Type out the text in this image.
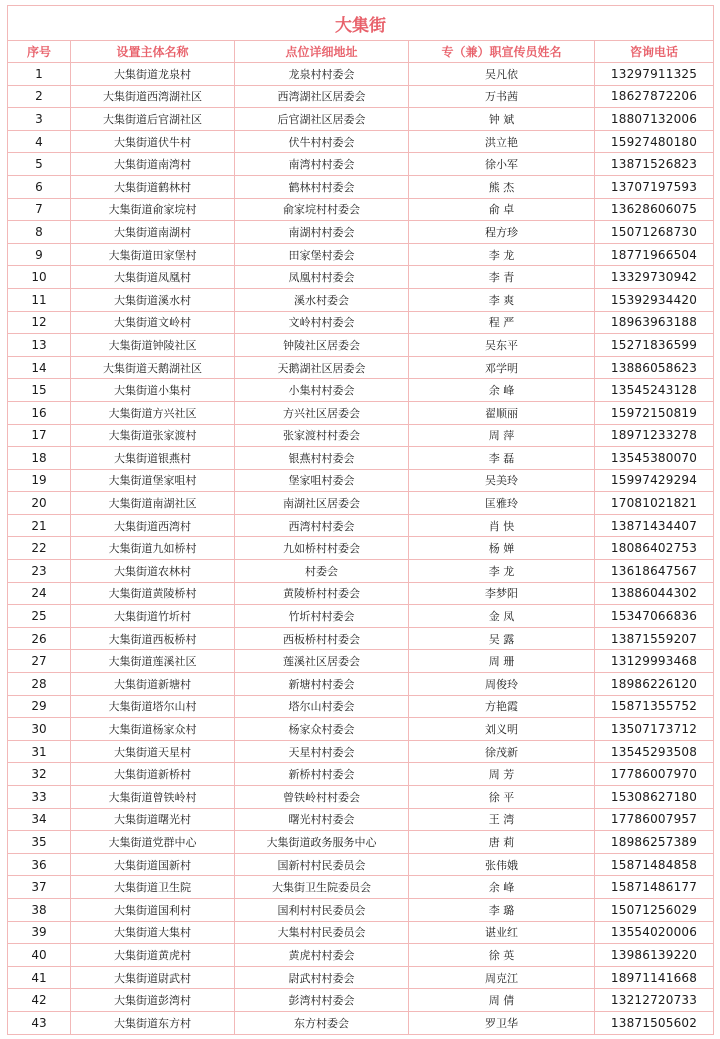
大集街				
序号	设置主体名称	点位详细地址	专（兼）职宣传员姓名	咨询电话
1	大集街道龙泉村	龙泉村村委会	吴凡依	13297911325
2	大集街道西湾湖社区	西湾湖社区居委会	万书茜	18627872206
3	大集街道后官湖社区	后官湖社区居委会	钟 斌	18807132006
4	大集街道伏牛村	伏牛村村委会	洪立艳	15927480180
5	大集街道南湾村	南湾村村委会	徐小军	13871526823
6	大集街道鹤林村	鹤林村村委会	熊 杰	13707197593
7	大集街道俞家垸村	俞家垸村村委会	俞 卓	13628606075
8	大集街道南湖村	南湖村村委会	程方珍	15071268730
9	大集街道田家堡村	田家堡村委会	李 龙	18771966504
10	大集街道凤凰村	凤凰村村委会	李 青	13329730942
11	大集街道溪水村	溪水村委会	李 爽	15392934420
12	大集街道文岭村	文岭村村委会	程 严	18963963188
13	大集街道钟陵社区	钟陵社区居委会	吴东平	15271836599
14	大集街道天鹅湖社区	天鹅湖社区居委会	邓学明	13886058623
15	大集街道小集村	小集村村委会	余 峰	13545243128
16	大集街道方兴社区	方兴社区居委会	翟顺丽	15972150819
17	大集街道张家渡村	张家渡村村委会	周 萍	18971233278
18	大集街道银燕村	银燕村村委会	李 磊	13545380070
19	大集街道堡家咀村	堡家咀村委会	吴美玲	15997429294
20	大集街道南湖社区	南湖社区居委会	匡雅玲	17081021821
21	大集街道西湾村	西湾村村委会	肖 快	13871434407
22	大集街道九如桥村	九如桥村村委会	杨 婵	18086402753
23	大集街道农林村	村委会	李 龙	13618647567
24	大集街道黄陵桥村	黄陵桥村村委会	李梦阳	13886044302
25	大集街道竹圻村	竹圻村村委会	金 凤	15347066836
26	大集街道西板桥村	西板桥村村委会	吴 露	13871559207
27	大集街道莲溪社区	莲溪社区居委会	周 珊	13129993468
28	大集街道新塘村	新塘村村委会	周俊玲	18986226120
29	大集街道塔尔山村	塔尔山村委会	方艳霞	15871355752
30	大集街道杨家众村	杨家众村委会	刘义明	13507173712
31	大集街道天星村	天星村村委会	徐茂新	13545293508
32	大集街道新桥村	新桥村村委会	周 芳	17786007970
33	大集街道曾铁岭村	曾铁岭村村委会	徐 平	15308627180
34	大集街道曙光村	曙光村村委会	王 湾	17786007957
35	大集街道党群中心	大集街道政务服务中心	唐 莉	18986257389
36	大集街道国新村	国新村村民委员会	张伟娥	15871484858
37	大集街道卫生院	大集街卫生院委员会	余 峰	15871486177
38	大集街道国利村	国利村村民委员会	李 璐	15071256029
39	大集街道大集村	大集村村民委员会	谌业红	13554020006
40	大集街道黄虎村	黄虎村村委会	徐 英	13986139220
41	大集街道尉武村	尉武村村委会	周克江	18971141668
42	大集街道彭湾村	彭湾村村委会	周 倩	13212720733
43	大集街道东方村	东方村委会	罗卫华	13871505602
